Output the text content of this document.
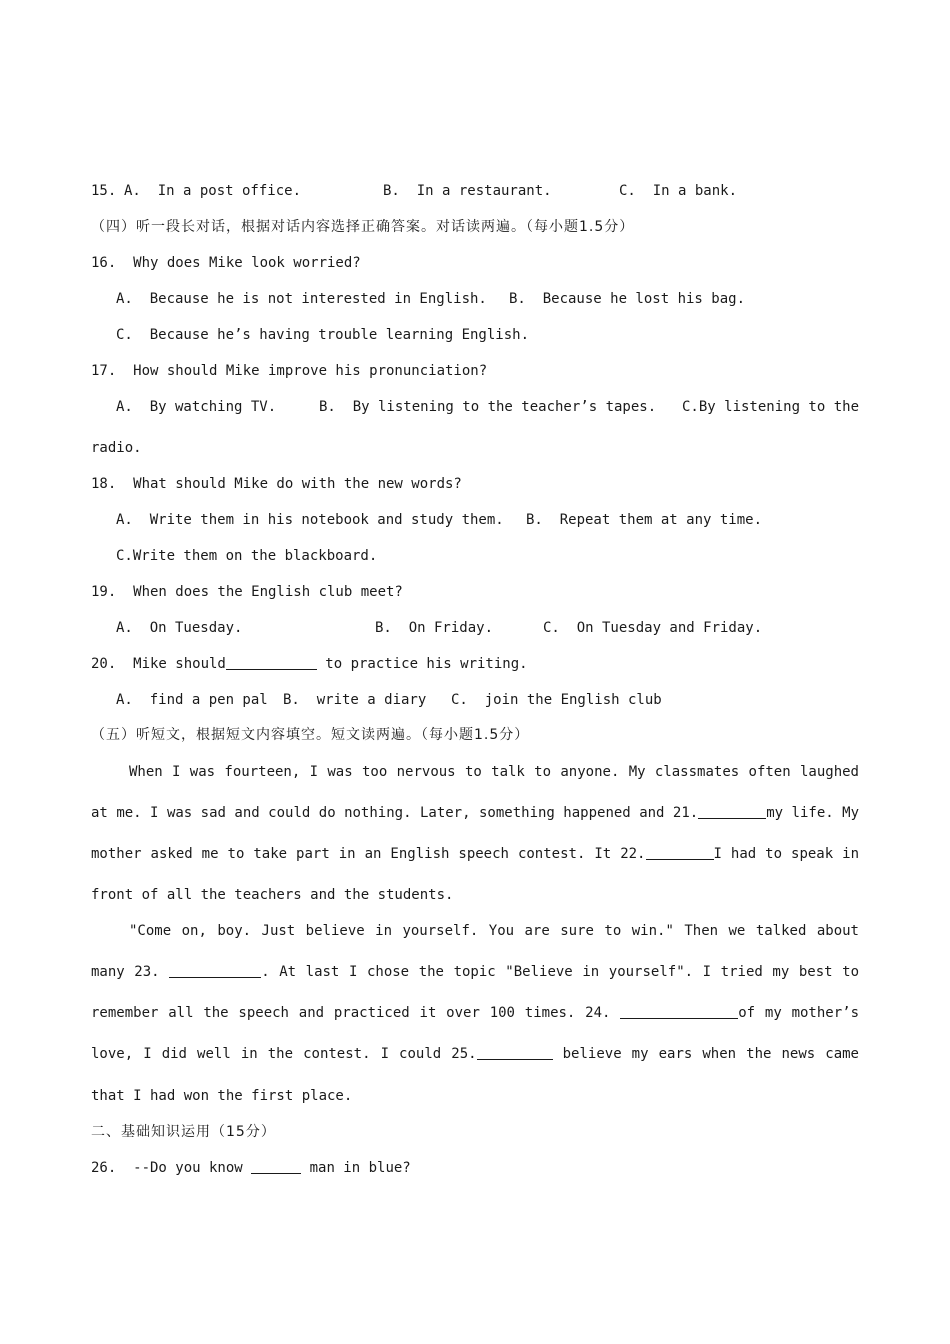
15. A.  In a post office.	B.  In a restaurant.	C.  In a bank.
（四）听一段长对话，根据对话内容选择正确答案。对话读两遍。（每小题1.5分）
16.  Why does Mike look worried?
A.  Because he is not interested in English. B.  Because he lost his bag.
C.  Because he’s having trouble learning English.
17.  How should Mike improve his pronunciation?
A.  By watching TV.	B.  By listening to the teacher’s tapes. C.By listening to the
radio.
18.  What should Mike do with the new words?
A.  Write them in his notebook and study them. B.  Repeat them at any time.
C.Write them on the blackboard.
19.  When does the English club meet?
A.  On Tuesday.	B.  On Friday.	C.  On Tuesday and Friday.
20.  Mike should	to practice his writing.
A.  find a pen pal B.  write a diary C.  join the English club
（五）听短文，根据短文内容填空。短文读两遍。（每小题1.5分）
When I was fourteen, I was too nervous to talk to anyone. My classmates often laughed
at me. I was sad and could do nothing. Later, something happened and 21.	my life. My
mother asked me to take part in an English speech contest. It 22.	I had to speak in
front of all the teachers and the students.
"Come on, boy. Just believe in yourself. You are sure to win." Then we talked about
many 23.	. At last I chose the topic "Believe in yourself". I tried my best to
remember all the speech and practiced it over 100 times. 24.	of my mother’s
love, I did well in the contest. I could 25.	believe my ears when the news came
that I had won the first place.
二、基础知识运用（15分）
26.  --Do you know	man in blue?
